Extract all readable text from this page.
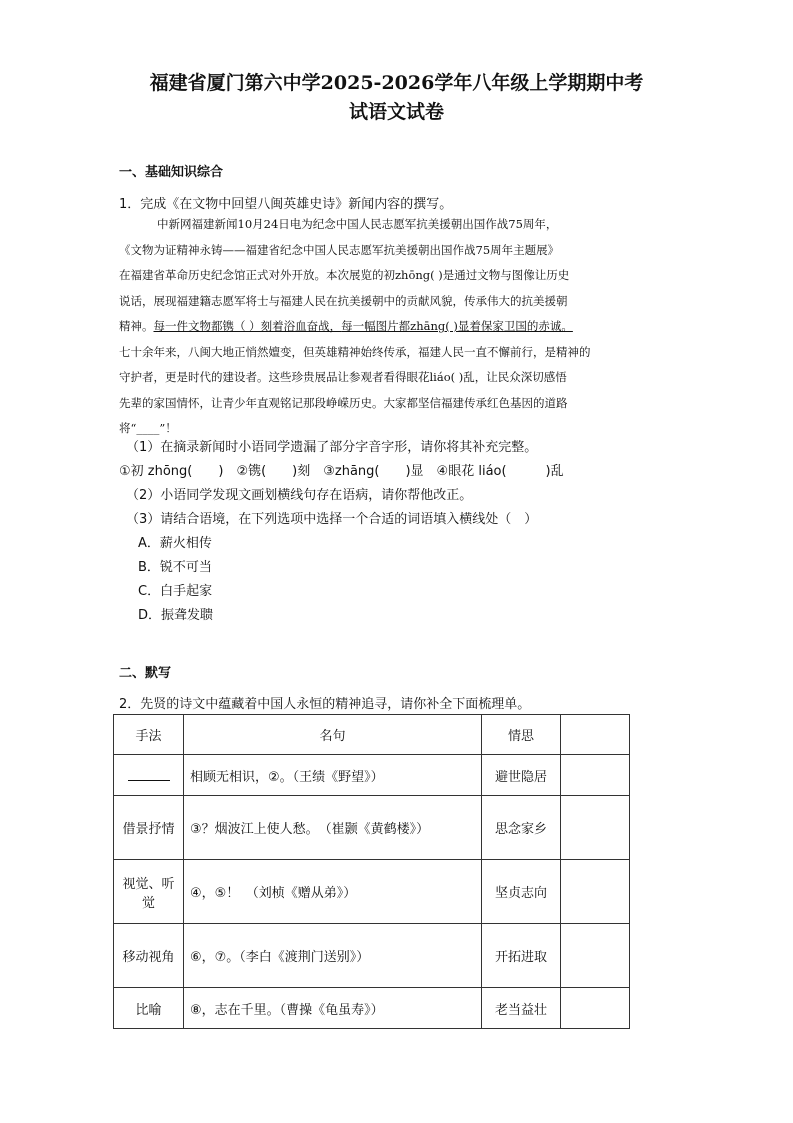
福建省厦门第六中学2025-2026学年八年级上学期期中考
试语文试卷
一、基础知识综合
1．完成《在文物中回望八闽英雄史诗》新闻内容的撰写。
中新网福建新闻10月24日电为纪念中国人民志愿军抗美援朝出国作战75周年，
《文物为证精神永铸——福建省纪念中国人民志愿军抗美援朝出国作战75周年主题展》
在福建省革命历史纪念馆正式对外开放。本次展览的初zhōng( )是通过文物与图像让历史
说话，展现福建籍志愿军将士与福建人民在抗美援朝中的贡献风貌，传承伟大的抗美援朝
精神。 每一件文物都镌（ ）刻着浴血奋战， 每一幅图片都zhāng( )显着保家卫国的赤诚。
七十余年来，八闽大地正悄然嬗变，但英雄精神始终传承，福建人民一直不懈前行，是精神的
守护者，更是时代的建设者。这些珍贵展品让参观者看得眼花liáo( )乱，让民众深切感悟
先辈的家国情怀，让青少年直观铭记那段峥嵘历史。大家都坚信福建传承红色基因的道路
将“____”！
（1）在摘录新闻时小语同学遗漏了部分字音字形，请你将其补充完整。
①初 zhōng(　　)　②镌(　　)刻　③zhāng(　　)显　④眼花 liáo(　　　)乱
（2）小语同学发现文画划横线句存在语病，请你帮他改正。
（3）请结合语境，在下列选项中选择一个合适的词语填入横线处（　）
A．薪火相传
B．锐不可当
C．白手起家
D．振聋发聩
二、默写
2．先贤的诗文中蕴藏着中国人永恒的精神追寻，请你补全下面梳理单。
手法	名句	情思	
	相顾无相识，②。（王绩《野望》）	避世隐居	
借景抒情	③？烟波江上使人愁。　（崔颢《黄鹤楼》）	思念家乡	
视觉、听觉	④，⑤！　（刘桢《赠从弟》）	坚贞志向	
移动视角	⑥，⑦。（李白《渡荆门送别》）	开拓进取	
比喻	⑧，志在千里。（曹操《龟虽寿》）	老当益壮	
